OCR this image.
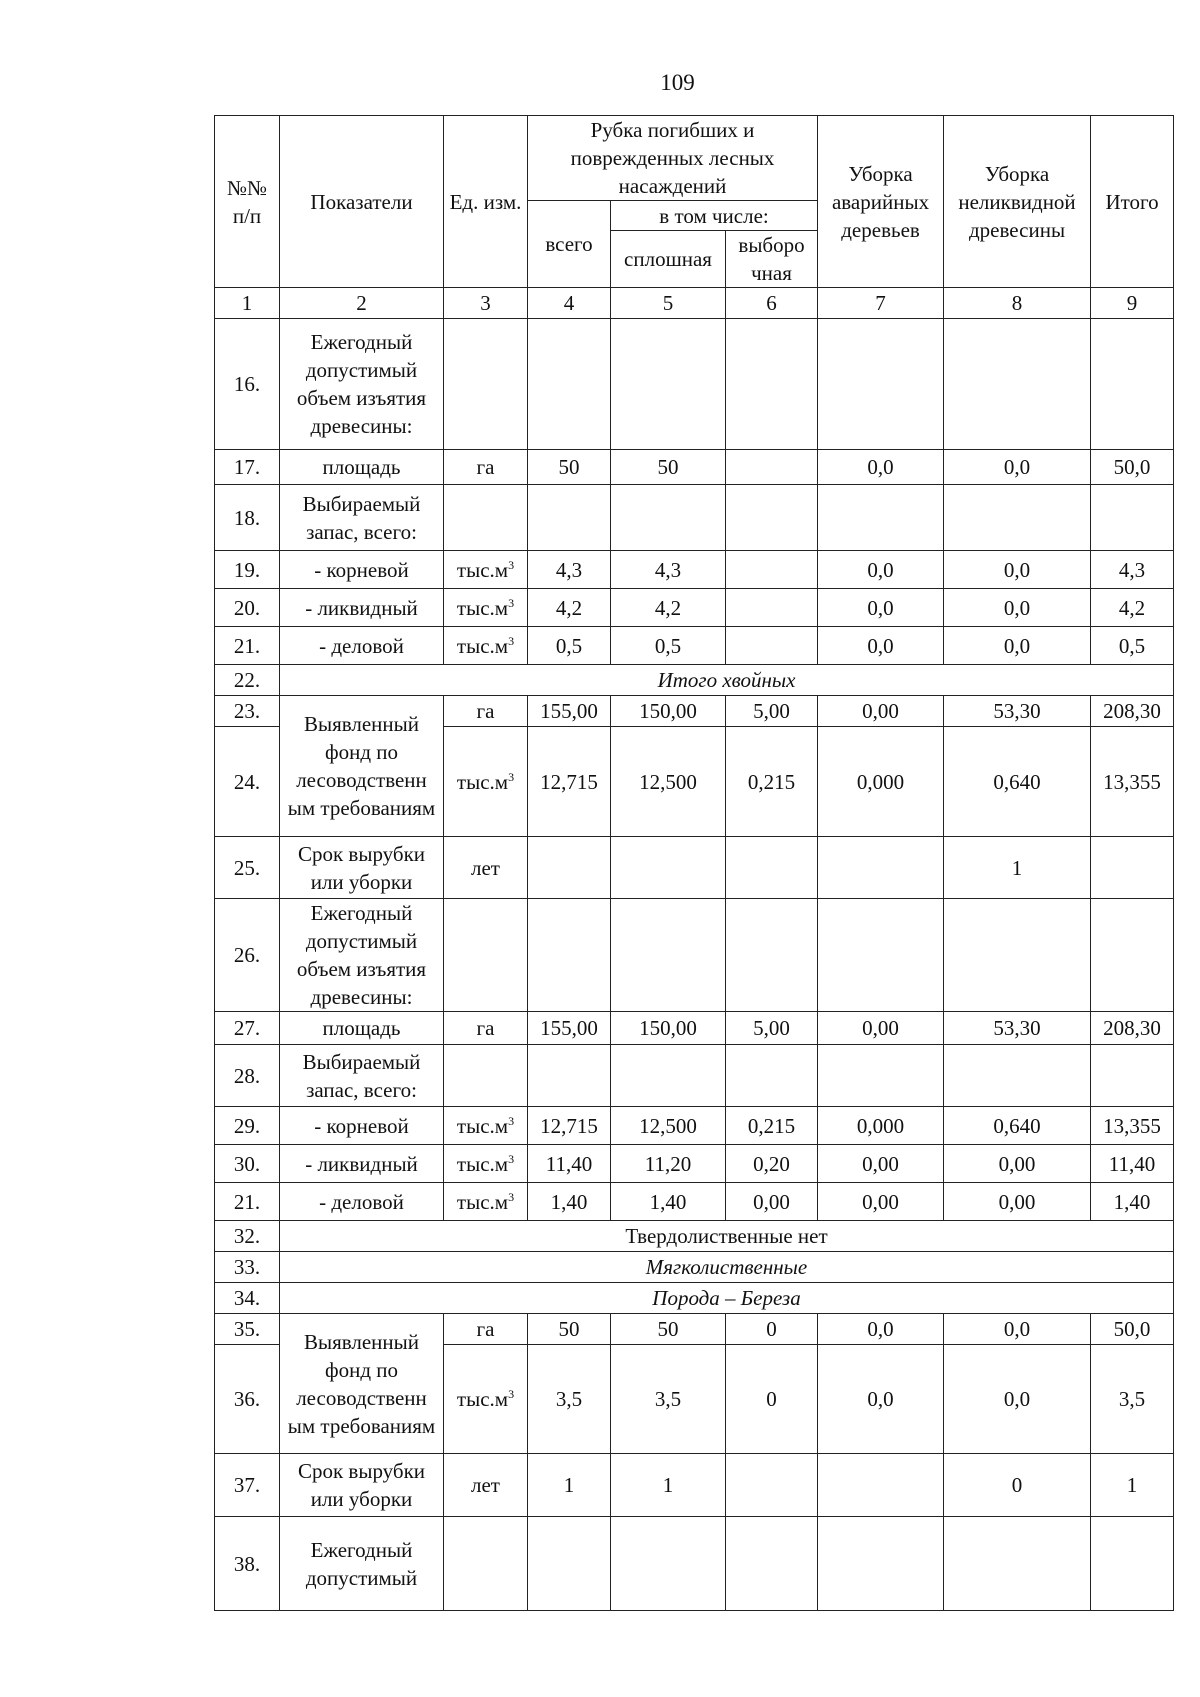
109
№№ п/п	Показатели	Ед. изм.	Рубка погибших и поврежденных лесных насаждений			Уборка аварийных деревьев	Уборка неликвидной древесины	Итого
			всего	в том числе:				
				сплошная	выборо чная			
1	2	3	4	5	6	7	8	9
16.	Ежегодный допустимый объем изъятия древесины:							
17.	площадь	га	50	50		0,0	0,0	50,0
18.	Выбираемый запас, всего:							
19.	- корневой	$тыс.м^3$	4,3	4,3		0,0	0,0	4,3
20.	- ликвидный	$тыс.м^3$	4,2	4,2		0,0	0,0	4,2
21.	- деловой	$тыс.м^3$	0,5	0,5		0,0	0,0	0,5
22.	Итого хвойных							
23.	Выявленный фонд по лесоводственн ым требованиям	га	155,00	150,00	5,00	0,00	53,30	208,30
24.		$тыс.м^3$	12,715	12,500	0,215	0,000	0,640	13,355
25.	Срок вырубки или уборки	лет					1	
26.	Ежегодный допустимый объем изъятия древесины:							
27.	площадь	га	155,00	150,00	5,00	0,00	53,30	208,30
28.	Выбираемый запас, всего:							
29.	- корневой	$тыс.м^3$	12,715	12,500	0,215	0,000	0,640	13,355
30.	- ликвидный	$тыс.м^3$	11,40	11,20	0,20	0,00	0,00	11,40
21.	- деловой	$тыс.м^3$	1,40	1,40	0,00	0,00	0,00	1,40
32.	Твердолиственные нет							
33.	Мягколиственные							
34.	Порода – Береза							
35.	Выявленный фонд по лесоводственн ым требованиям	га	50	50	0	0,0	0,0	50,0
36.		$тыс.м^3$	3,5	3,5	0	0,0	0,0	3,5
37.	Срок вырубки или уборки	лет	1	1			0	1
38.	Ежегодный допустимый							
